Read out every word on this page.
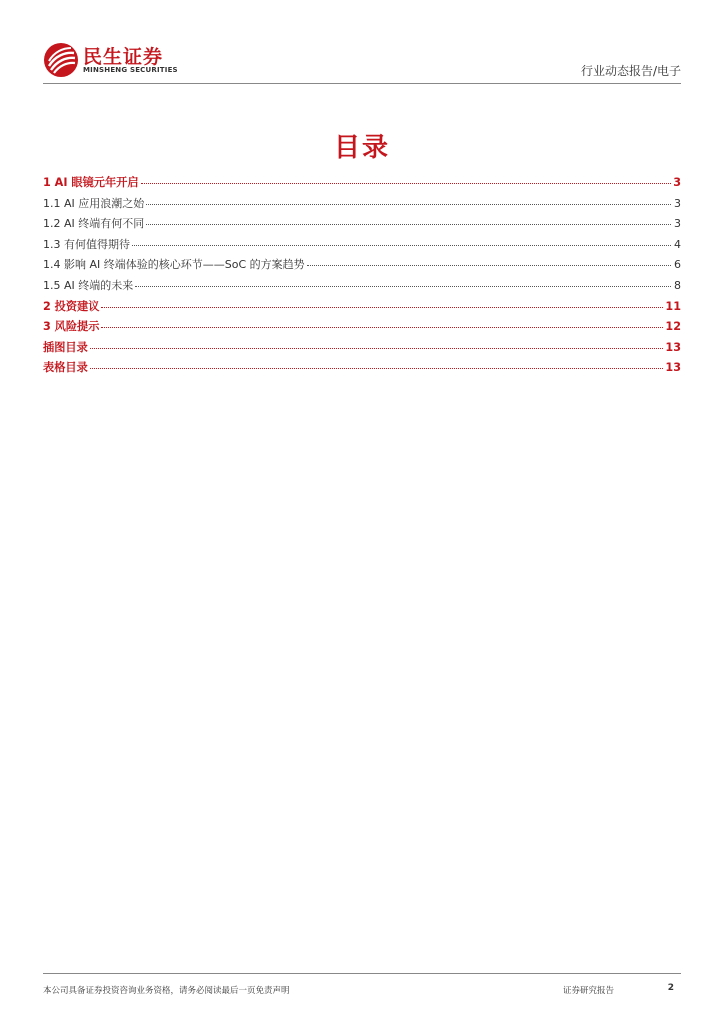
民生证券
MINSHENG SECURITIES	行业动态报告/电子
目录
1 AI 眼镜元年开启	3
1.1 AI 应用浪潮之始	3
1.2 AI 终端有何不同	3
1.3 有何值得期待	4
1.4 影响 AI 终端体验的核心环节——SoC 的方案趋势	6
1.5 AI 终端的未来	8
2 投资建议	11
3 风险提示	12
插图目录	13
表格目录	13
本公司具备证券投资咨询业务资格，请务必阅读最后一页免责声明	证券研究报告	2
